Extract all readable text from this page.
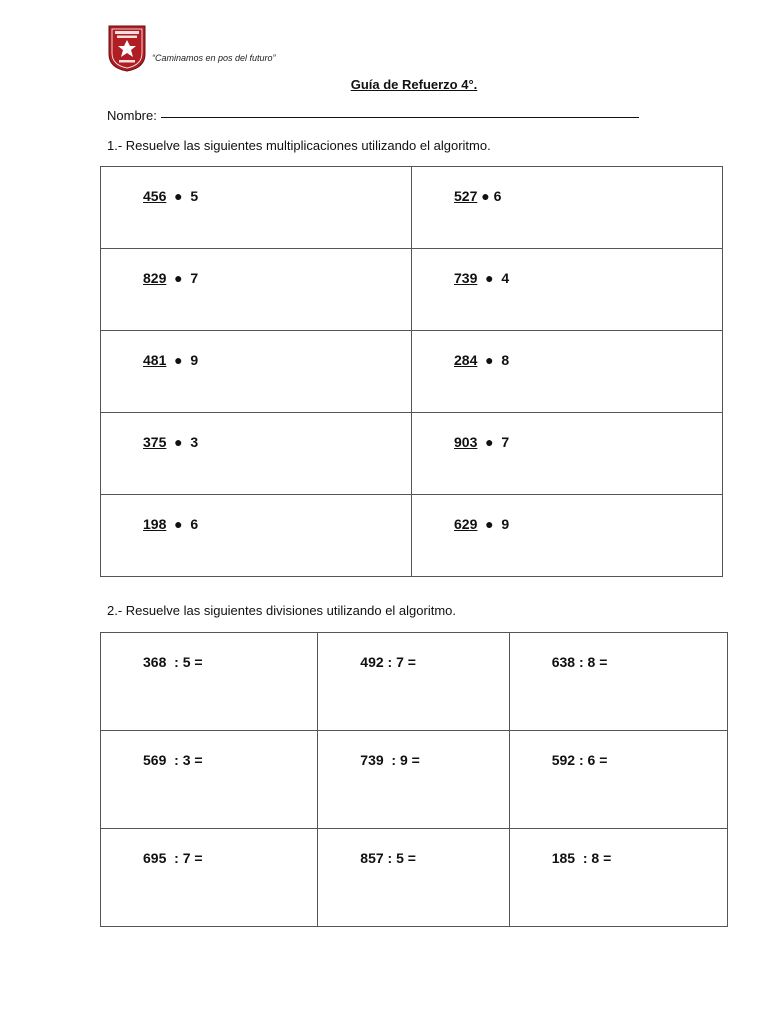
“Caminamos en pos del futuro”
Guía de Refuerzo 4°.
Nombre:
1.- Resuelve las siguientes multiplicaciones utilizando el algoritmo.
456  ●  5	527 ● 6
829  ●  7	739  ●  4
481  ●  9	284  ●  8
375  ●  3	903  ●  7
198  ●  6	629  ●  9
2.- Resuelve las siguientes divisiones utilizando el algoritmo.
368  : 5 =	492 : 7 =	638 : 8 =
569  : 3 =	739  : 9 =	592 : 6 =
695  : 7 =	857 : 5 =	185  : 8 =
